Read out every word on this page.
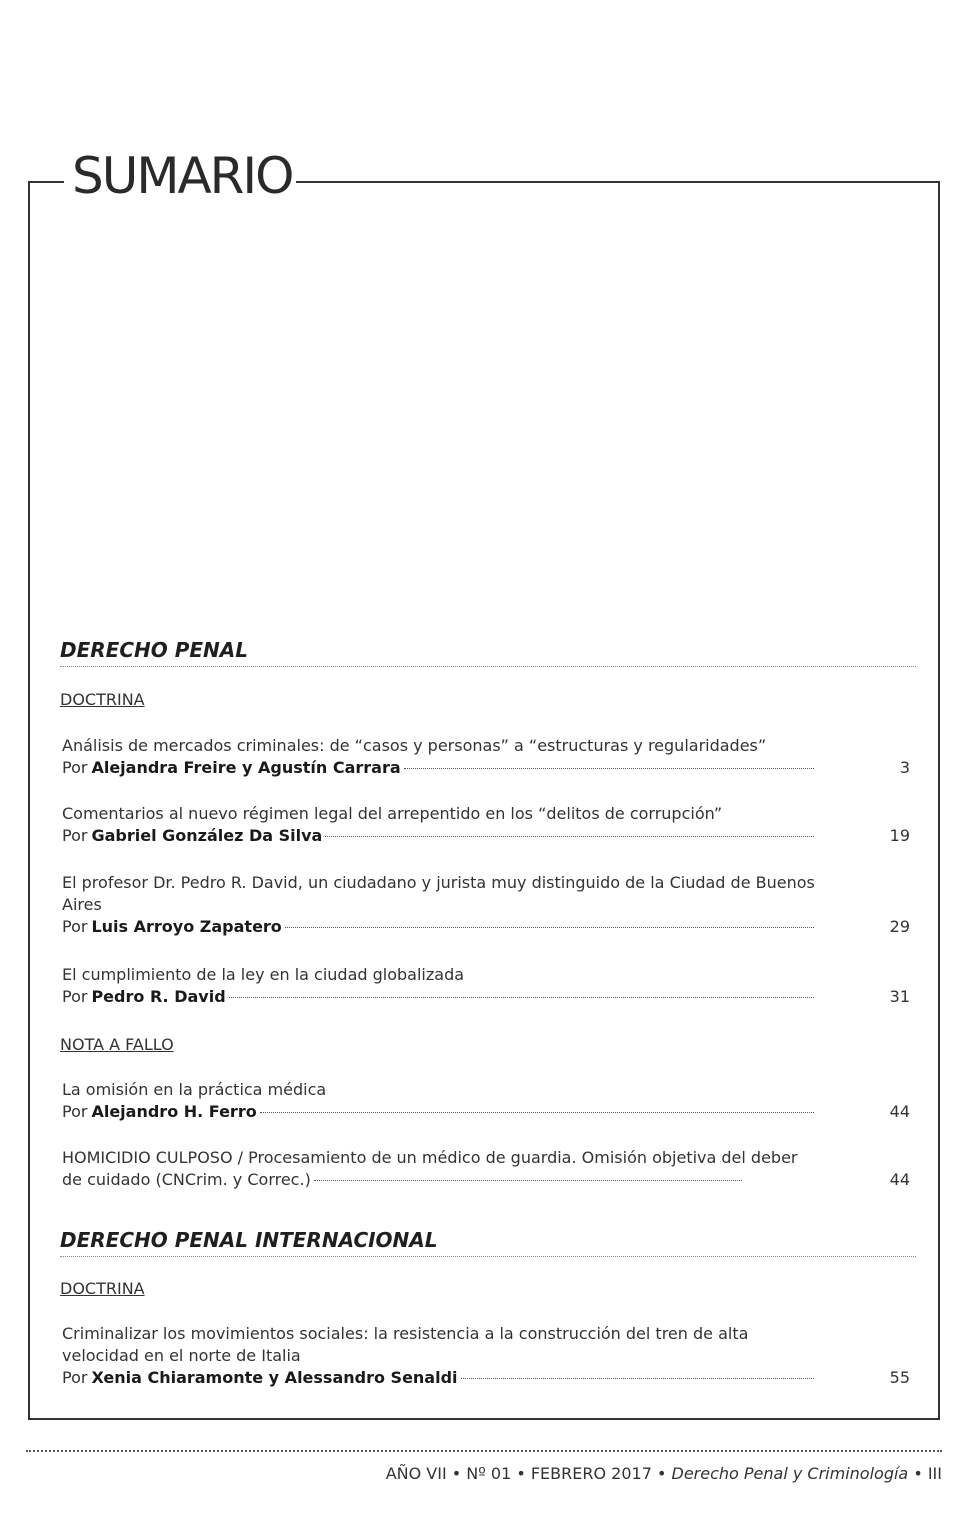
SUMARIO
DERECHO PENAL
DOCTRINA
Análisis de mercados criminales: de “casos y personas” a “estructuras y regularidades”
Por Alejandra Freire y Agustín Carrara	3
Comentarios al nuevo régimen legal del arrepentido en los “delitos de corrupción”
Por Gabriel González Da Silva	19
El profesor Dr. Pedro R. David, un ciudadano y jurista muy distinguido de la Ciudad de Buenos Aires
Por Luis Arroyo Zapatero	29
El cumplimiento de la ley en la ciudad globalizada
Por Pedro R. David	31
NOTA A FALLO
La omisión en la práctica médica
Por Alejandro H. Ferro	44
HOMICIDIO CULPOSO / Procesamiento de un médico de guardia. Omisión objetiva del deber de cuidado (CNCrim. y Correc.)	44
DERECHO PENAL INTERNACIONAL
DOCTRINA
Criminalizar los movimientos sociales: la resistencia a la construcción del tren de alta velocidad en el norte de Italia
Por Xenia Chiaramonte y Alessandro Senaldi	55
AÑO VII • Nº 01 • FEBRERO 2017 • Derecho Penal y Criminología • III
